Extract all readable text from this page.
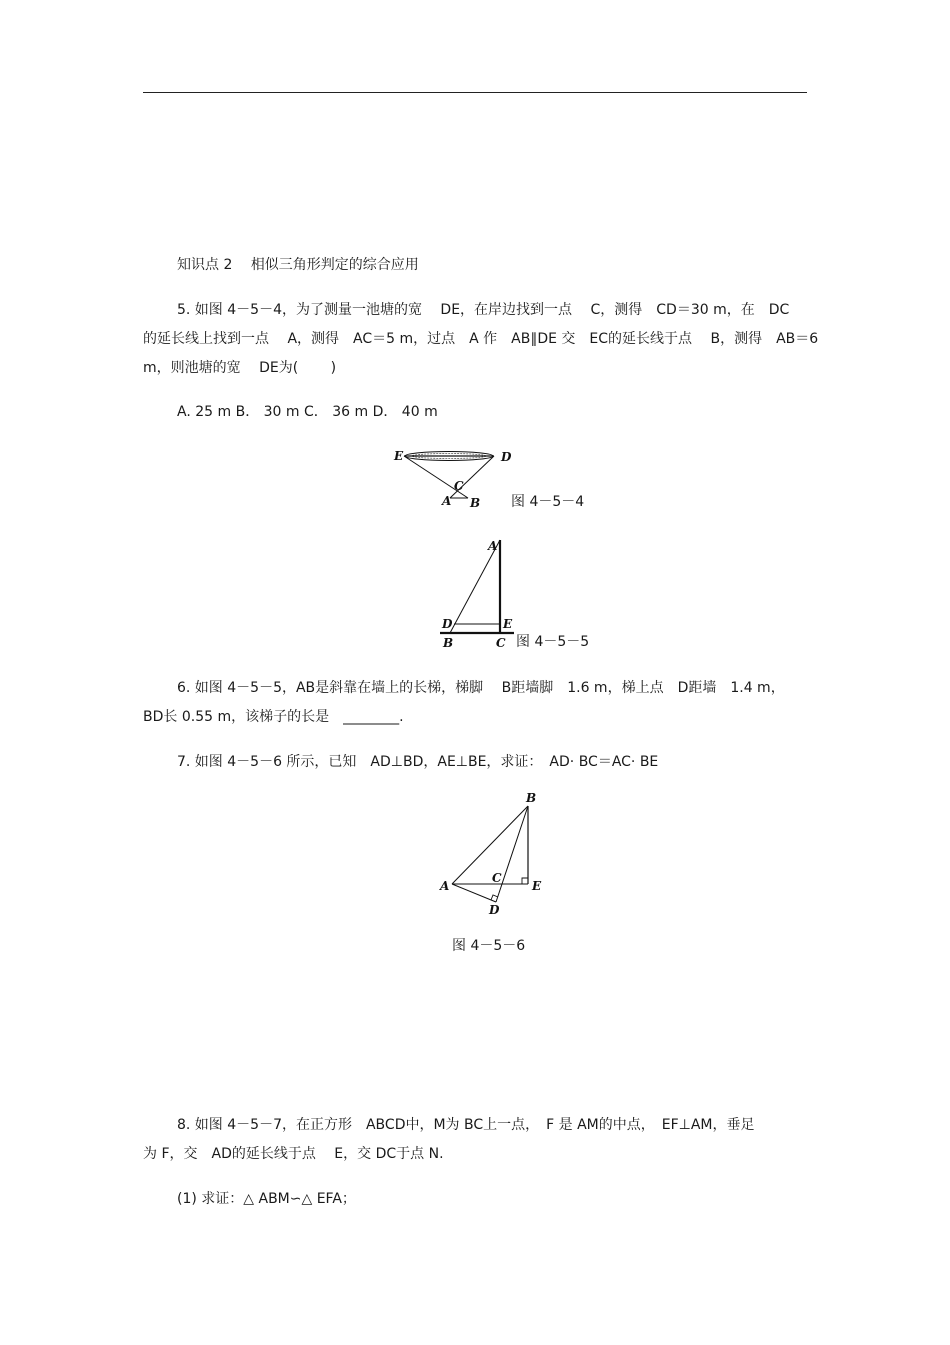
知识点 2　 相似三角形判定的综合应用
5. 如图 4－5－4，为了测量一池塘的宽　 DE，在岸边找到一点　 C，测得　CD＝30 m，在　DC
的延长线上找到一点　 A，测得　AC＝5 m，过点　A 作　AB∥DE 交　EC的延长线于点　 B，测得　AB＝6
m，则池塘的宽　 DE为(　　 )
A. 25 m B． 30 m C． 36 m D． 40 m
E	D
C
A B 图 4－5－4
A
D	E
B	C 图 4－5－5
6. 如图 4－5－5，AB是斜靠在墙上的长梯，梯脚　 B距墙脚　1.6 m，梯上点　D距墙　1.4 m，
BD长 0.55 m，该梯子的长是　________.
7. 如图 4－5－6 所示，已知　AD⊥BD，AE⊥BE，求证：　AD· BC＝AC· BE
B
A
C
E
D
图 4－5－6
8. 如图 4－5－7，在正方形　ABCD中，M为 BC上一点，　F 是 AM的中点，　EF⊥AM，垂足
为 F，交　AD的延长线于点　 E，交 DC于点 N.
(1) 求证：△ ABM∽△ EFA；
